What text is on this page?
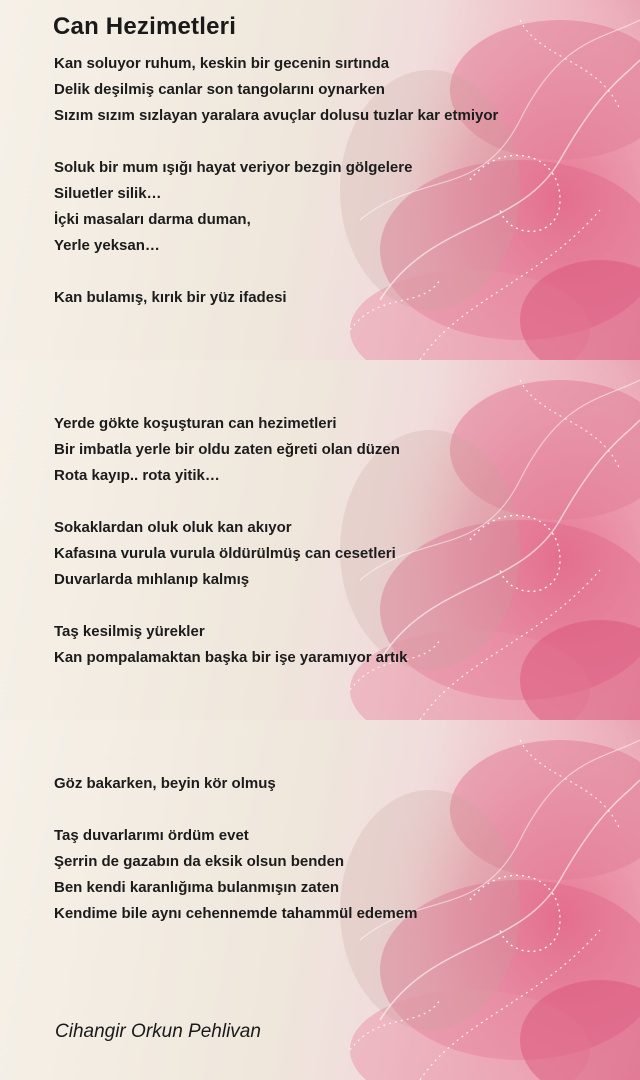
Can Hezimetleri
Kan soluyor ruhum, keskin bir gecenin sırtında
Delik deşilmiş canlar son tangolarını oynarken
Sızım sızım sızlayan yaralara avuçlar dolusu tuzlar kar etmiyor
Soluk bir mum ışığı hayat veriyor bezgin gölgelere
Siluetler silik…
İçki masaları darma duman,
Yerle yeksan…
Kan bulamış, kırık bir yüz ifadesi
Yerde gökte koşuşturan can hezimetleri
Bir imbatla yerle bir oldu zaten eğreti olan düzen
Rota kayıp.. rota yitik…
Sokaklardan oluk oluk kan akıyor
Kafasına vurula vurula öldürülmüş can cesetleri
Duvarlarda mıhlanıp kalmış
Taş kesilmiş yürekler
Kan pompalamaktan başka bir işe yaramıyor artık
Göz bakarken, beyin kör olmuş
Taş duvarlarımı ördüm evet
Şerrin de gazabın da eksik olsun benden
Ben kendi karanlığıma bulanmışın zaten
Kendime bile aynı cehennemde tahammül edemem
Cihangir Orkun Pehlivan
